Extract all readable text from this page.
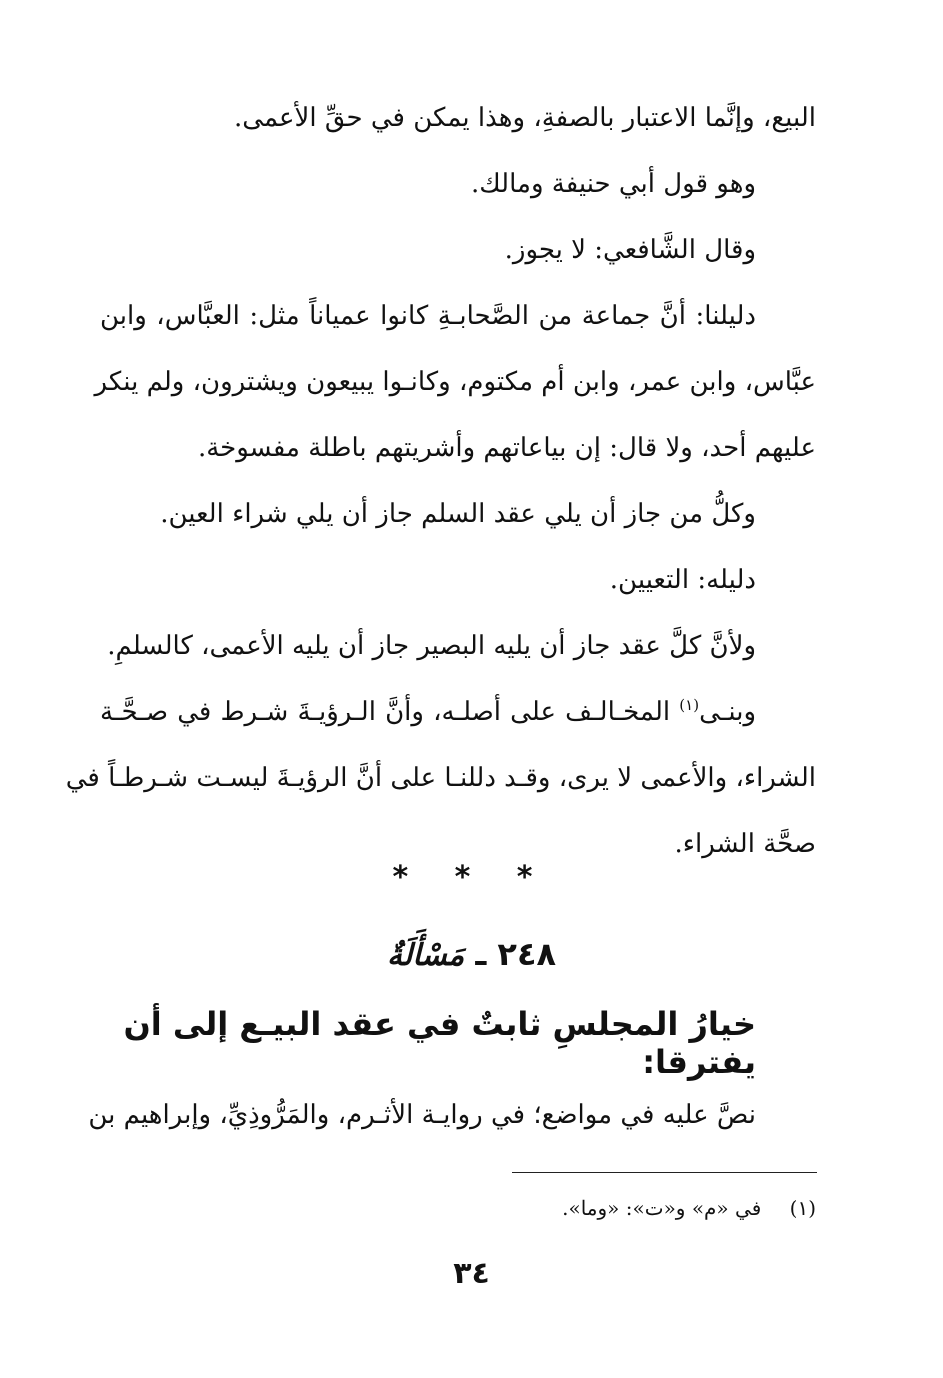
البيع، وإنَّما الاعتبار بالصفةِ، وهذا يمكن في حقِّ الأعمى.
وهو قول أبي حنيفة ومالك.
وقال الشَّافعي: لا يجوز.
دليلنا: أنَّ جماعة من الصَّحابـةِ كانوا عمياناً مثل: العبَّاس، وابن
عبَّاس، وابن عمر، وابن أم مكتوم، وكانـوا يبيعون ويشترون، ولم ينكر
عليهم أحد، ولا قال: إن بياعاتهم وأشريتهم باطلة مفسوخة.
وكلُّ من جاز أن يلي عقد السلم جاز أن يلي شراء العين.
دليله: التعيين.
ولأنَّ كلَّ عقد جاز أن يليه البصير جاز أن يليه الأعمى، كالسلمِ.
وبنـى$^{(١)}$ المخـالـف على أصلـه، وأنَّ الـرؤيـةَ شـرط في صـحَّـة
الشراء، والأعمى لا يرى، وقـد دللنـا على أنَّ الرؤيـةَ ليسـت شـرطـاً في
صحَّة الشراء.
* * *
٢٤٨ ـ مَسْأَلَةٌ
خيارُ المجلسِ ثابتٌ في عقد البيـع إلى أن يفترقا:
نصَّ عليه في مواضع؛ في روايـة الأثـرم، والمَرُّوذِيِّ، وإبراهيم بن
(١) في «م» و«ت»: «وما».
٣٤
